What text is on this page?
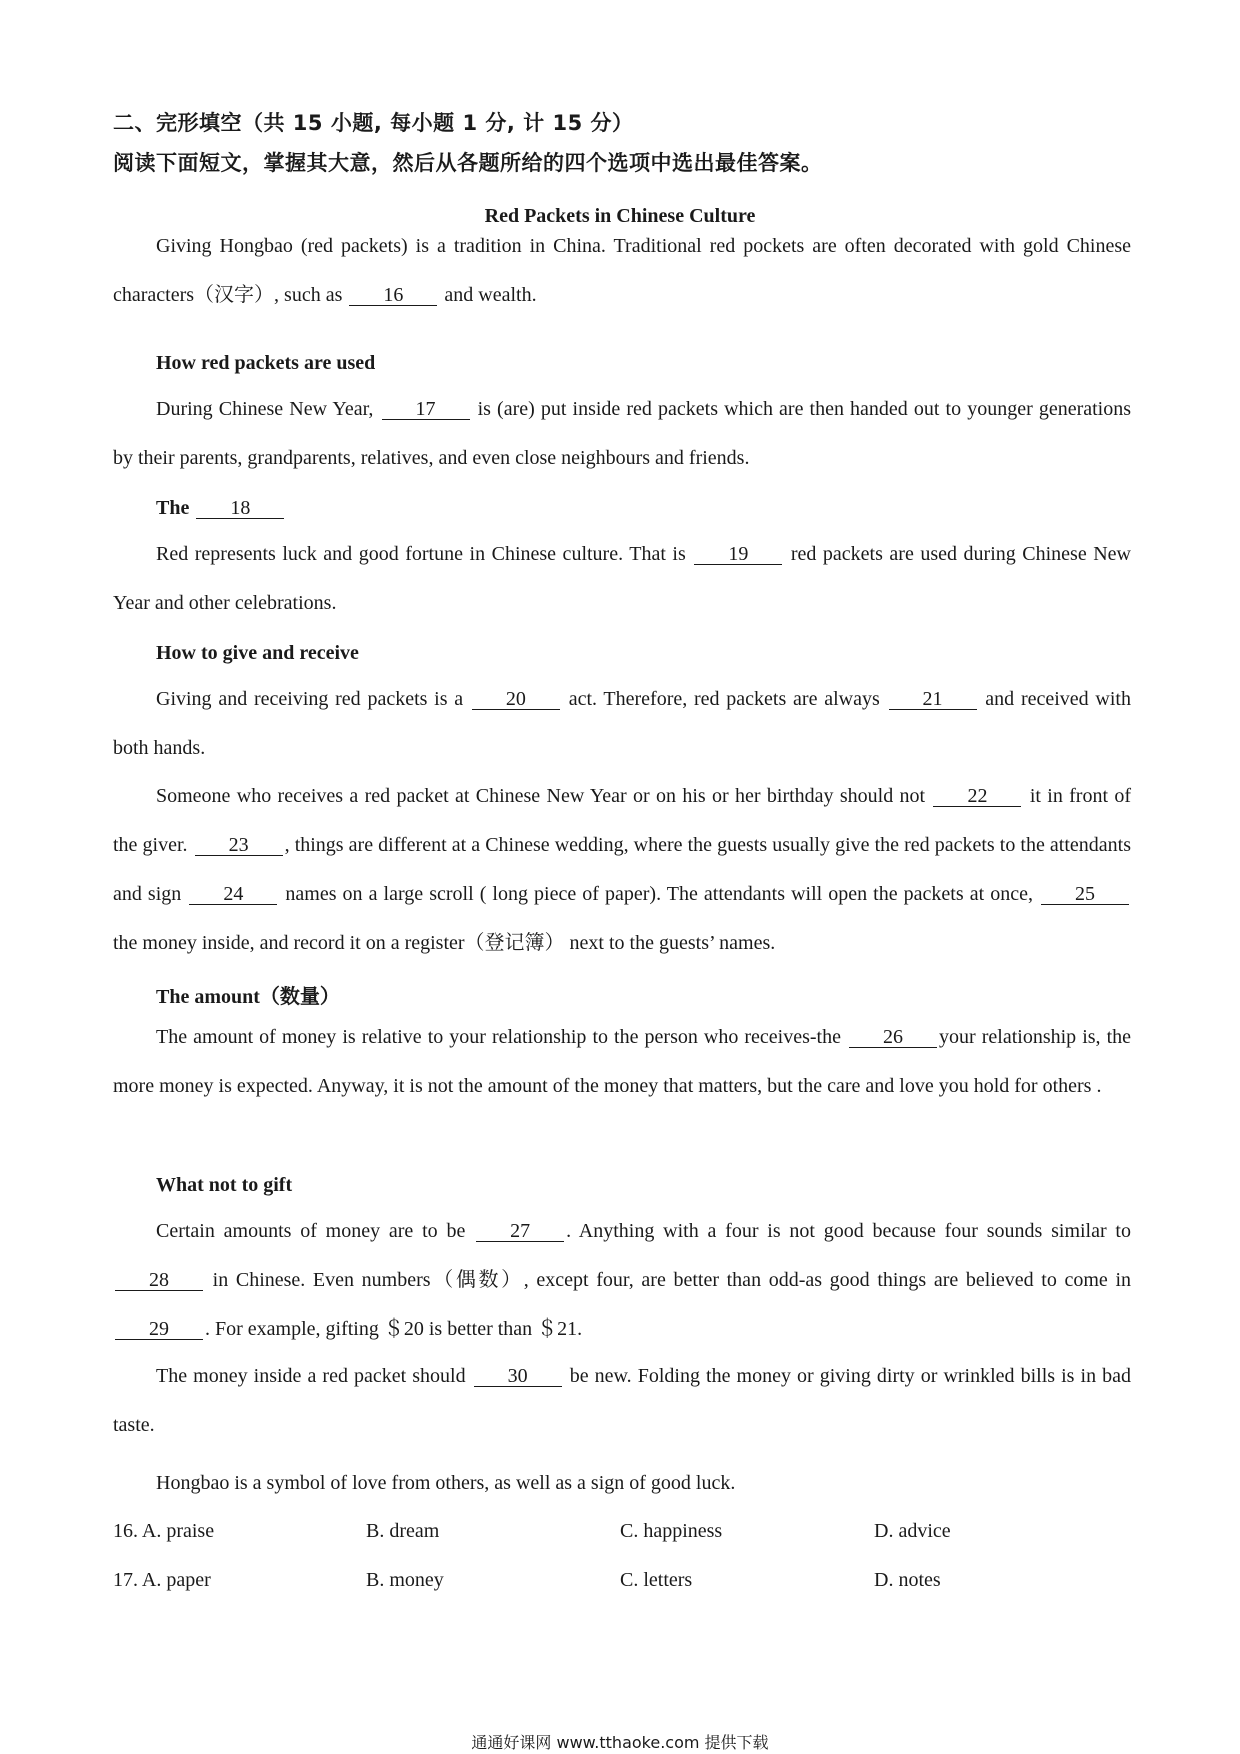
二、完形填空（共 15 小题, 每小题 1 分, 计 15 分）
阅读下面短文，掌握其大意，然后从各题所给的四个选项中选出最佳答案。
Red Packets in Chinese Culture
Giving Hongbao (red packets) is a tradition in China. Traditional red pockets are often decorated with gold Chinese characters（汉字）, such as 16 and wealth.
How red packets are used
During Chinese New Year, 17 is (are) put inside red packets which are then handed out to younger generations by their parents, grandparents, relatives, and even close neighbours and friends.
The 18
Red represents luck and good fortune in Chinese culture. That is 19 red packets are used during Chinese New Year and other celebrations.
How to give and receive
Giving and receiving red packets is a 20 act. Therefore, red packets are always 21 and received with both hands.
Someone who receives a red packet at Chinese New Year or on his or her birthday should not 22 it in front of the giver. 23 , things are different at a Chinese wedding, where the guests usually give the red packets to the attendants and sign 24 names on a large scroll ( long piece of paper). The attendants will open the packets at once, 25 the money inside, and record it on a register（登记簿） next to the guests’ names.
The amount（数量）
The amount of money is relative to your relationship to the person who receives-the 26 your relationship is, the more money is expected. Anyway, it is not the amount of the money that matters, but the care and love you hold for others .
What not to gift
Certain amounts of money are to be 27 . Anything with a four is not good because four sounds similar to 28 in Chinese. Even numbers（偶数）, except four, are better than odd-as good things are believed to come in 29 . For example, gifting ＄20 is better than ＄21.
The money inside a red packet should 30 be new. Folding the money or giving dirty or wrinkled bills is in bad taste.
Hongbao is a symbol of love from others, as well as a sign of good luck.
16. A. praise	B. dream	C. happiness	D. advice
17. A. paper	B. money	C. letters	D. notes
通通好课网 www.tthaoke.com 提供下载
